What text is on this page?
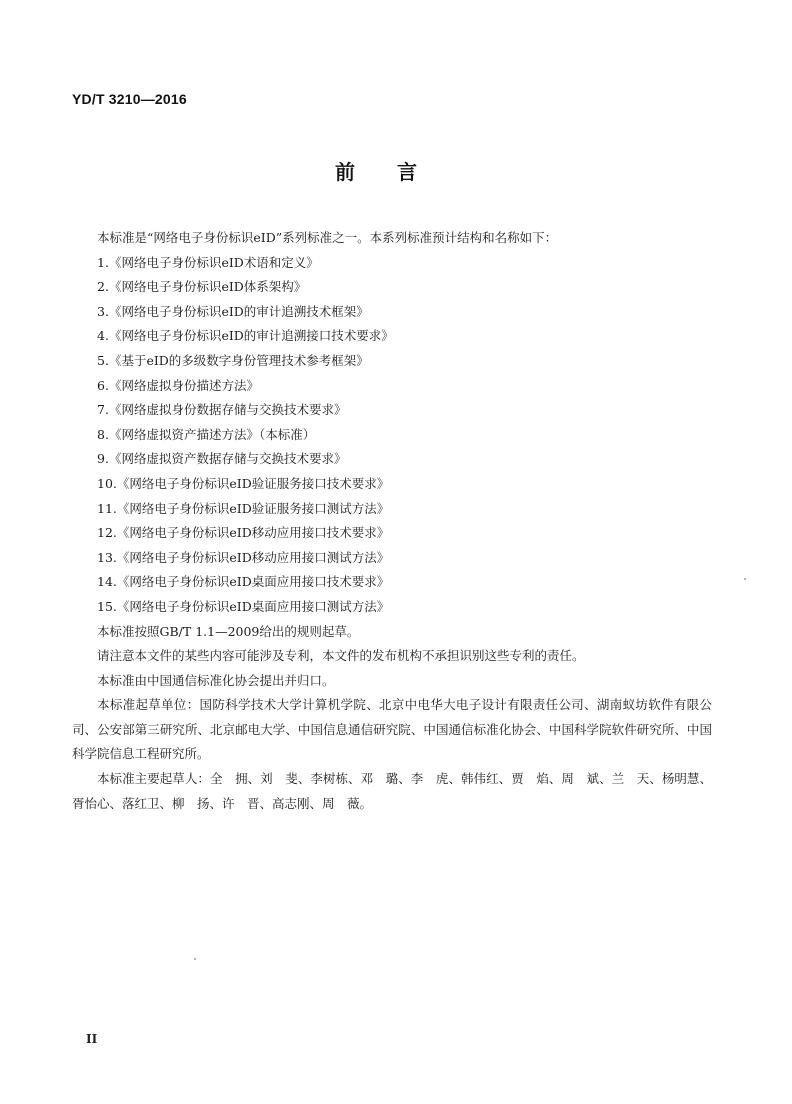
YD/T 3210—2016
前 言

本标准是“网络电子身份标识eID”系列标准之一。本系列标准预计结构和名称如下：

1.《网络电子身份标识eID术语和定义》
2.《网络电子身份标识eID体系架构》
3.《网络电子身份标识eID的审计追溯技术框架》
4.《网络电子身份标识eID的审计追溯接口技术要求》
5.《基于eID的多级数字身份管理技术参考框架》
6.《网络虚拟身份描述方法》
7.《网络虚拟身份数据存储与交换技术要求》
8.《网络虚拟资产描述方法》（本标准）
9.《网络虚拟资产数据存储与交换技术要求》
10.《网络电子身份标识eID验证服务接口技术要求》
11.《网络电子身份标识eID验证服务接口测试方法》
12.《网络电子身份标识eID移动应用接口技术要求》
13.《网络电子身份标识eID移动应用接口测试方法》
14.《网络电子身份标识eID桌面应用接口技术要求》
15.《网络电子身份标识eID桌面应用接口测试方法》

本标准按照GB/T 1.1—2009给出的规则起草。

请注意本文件的某些内容可能涉及专利，本文件的发布机构不承担识别这些专利的责任。

本标准由中国通信标准化协会提出并归口。

本标准起草单位：国防科学技术大学计算机学院、北京中电华大电子设计有限责任公司、湖南蚁坊软件有限公司、公安部第三研究所、北京邮电大学、中国信息通信研究院、中国通信标准化协会、中国科学院软件研究所、中国科学院信息工程研究所。

本标准主要起草人：全　拥、刘　斐、李树栋、邓　璐、李　虎、韩伟红、贾　焰、周　斌、兰　天、杨明慧、胥怡心、落红卫、柳　扬、许　晋、高志刚、周　薇。

II
